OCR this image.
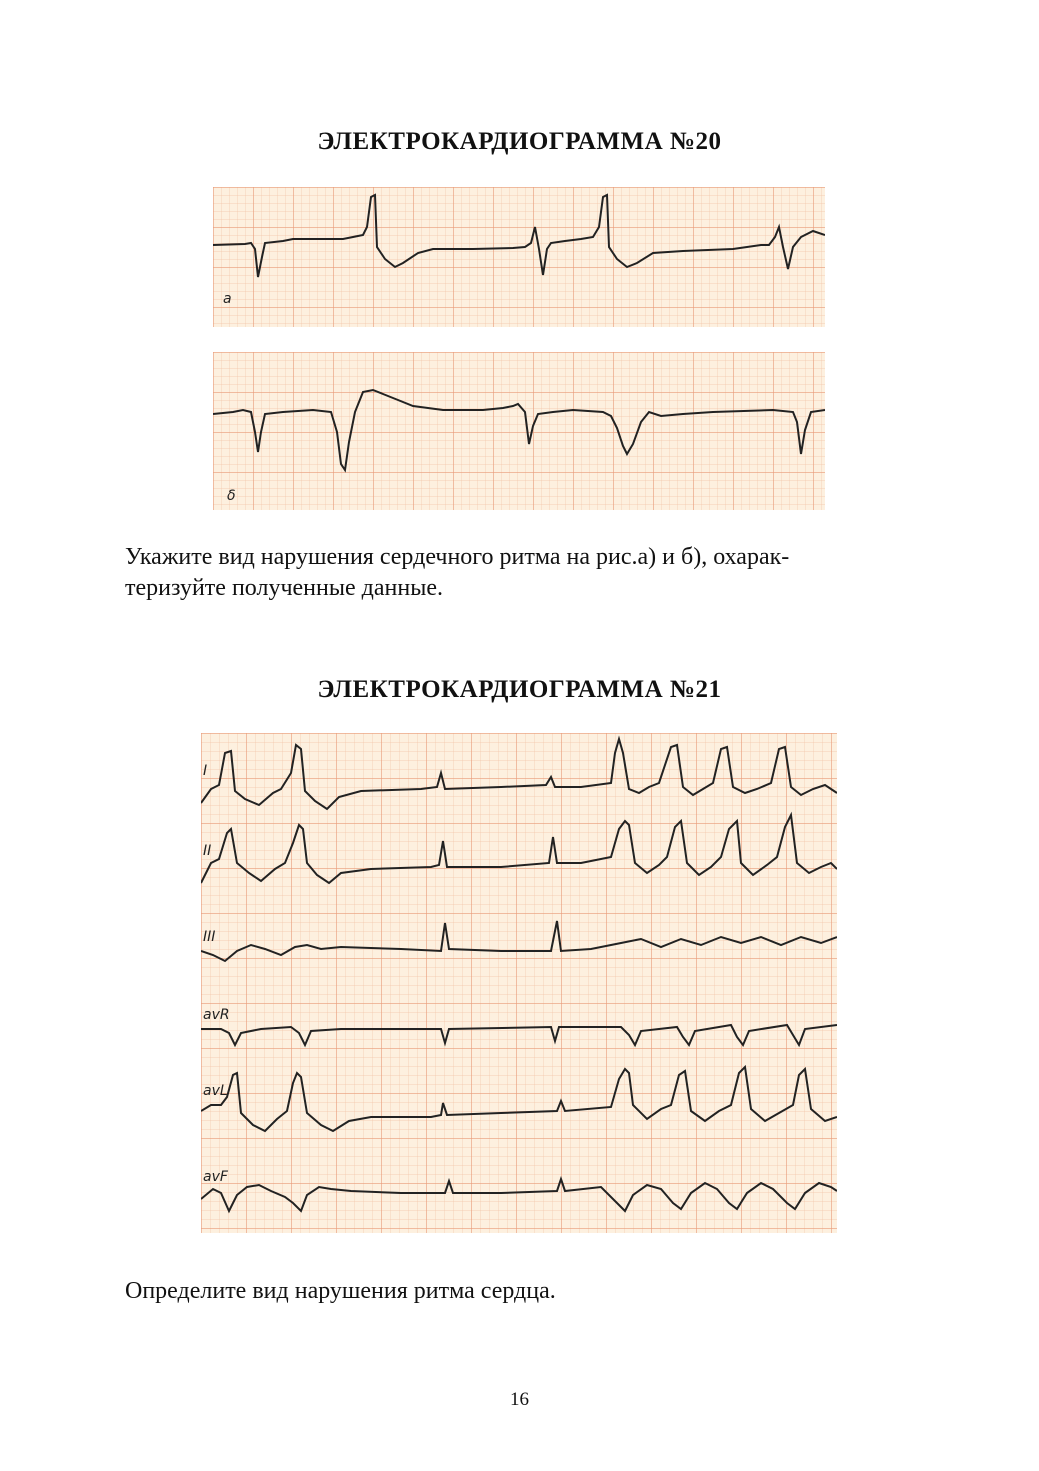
ЭЛЕКТРОКАРДИОГРАММА №20
a
δ
Укажите вид нарушения сердечного ритма на рис.а) и б), охарак-
теризуйте полученные данные.
ЭЛЕКТРОКАРДИОГРАММА №21
I
II
III
avR
avL
avF
Определите вид нарушения ритма сердца.
16
